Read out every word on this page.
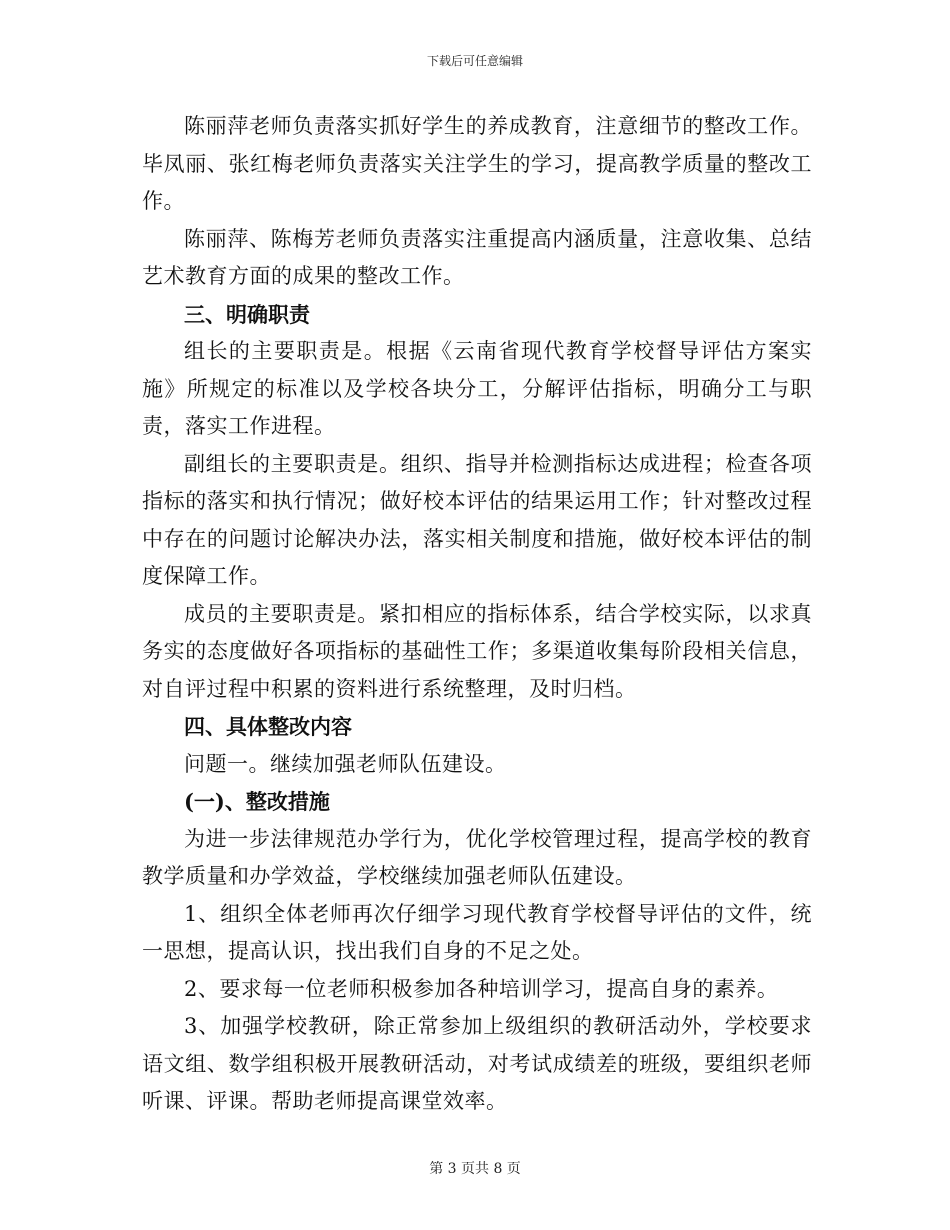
下载后可任意编辑

陈丽萍老师负责落实抓好学生的养成教育，注意细节的整改工作。毕凤丽、张红梅老师负责落实关注学生的学习，提高教学质量的整改工作。

陈丽萍、陈梅芳老师负责落实注重提高内涵质量，注意收集、总结艺术教育方面的成果的整改工作。

三、明确职责

组长的主要职责是。根据《云南省现代教育学校督导评估方案实施》所规定的标准以及学校各块分工，分解评估指标，明确分工与职责，落实工作进程。

副组长的主要职责是。组织、指导并检测指标达成进程；检查各项指标的落实和执行情况；做好校本评估的结果运用工作；针对整改过程中存在的问题讨论解决办法，落实相关制度和措施，做好校本评估的制度保障工作。

成员的主要职责是。紧扣相应的指标体系，结合学校实际，以求真务实的态度做好各项指标的基础性工作；多渠道收集每阶段相关信息，对自评过程中积累的资料进行系统整理，及时归档。

四、具体整改内容

问题一。继续加强老师队伍建设。

(一)、整改措施

为进一步法律规范办学行为，优化学校管理过程，提高学校的教育教学质量和办学效益，学校继续加强老师队伍建设。

1、组织全体老师再次仔细学习现代教育学校督导评估的文件，统一思想，提高认识，找出我们自身的不足之处。

2、要求每一位老师积极参加各种培训学习，提高自身的素养。

3、加强学校教研，除正常参加上级组织的教研活动外，学校要求语文组、数学组积极开展教研活动，对考试成绩差的班级，要组织老师听课、评课。帮助老师提高课堂效率。

第 3 页共 8 页
